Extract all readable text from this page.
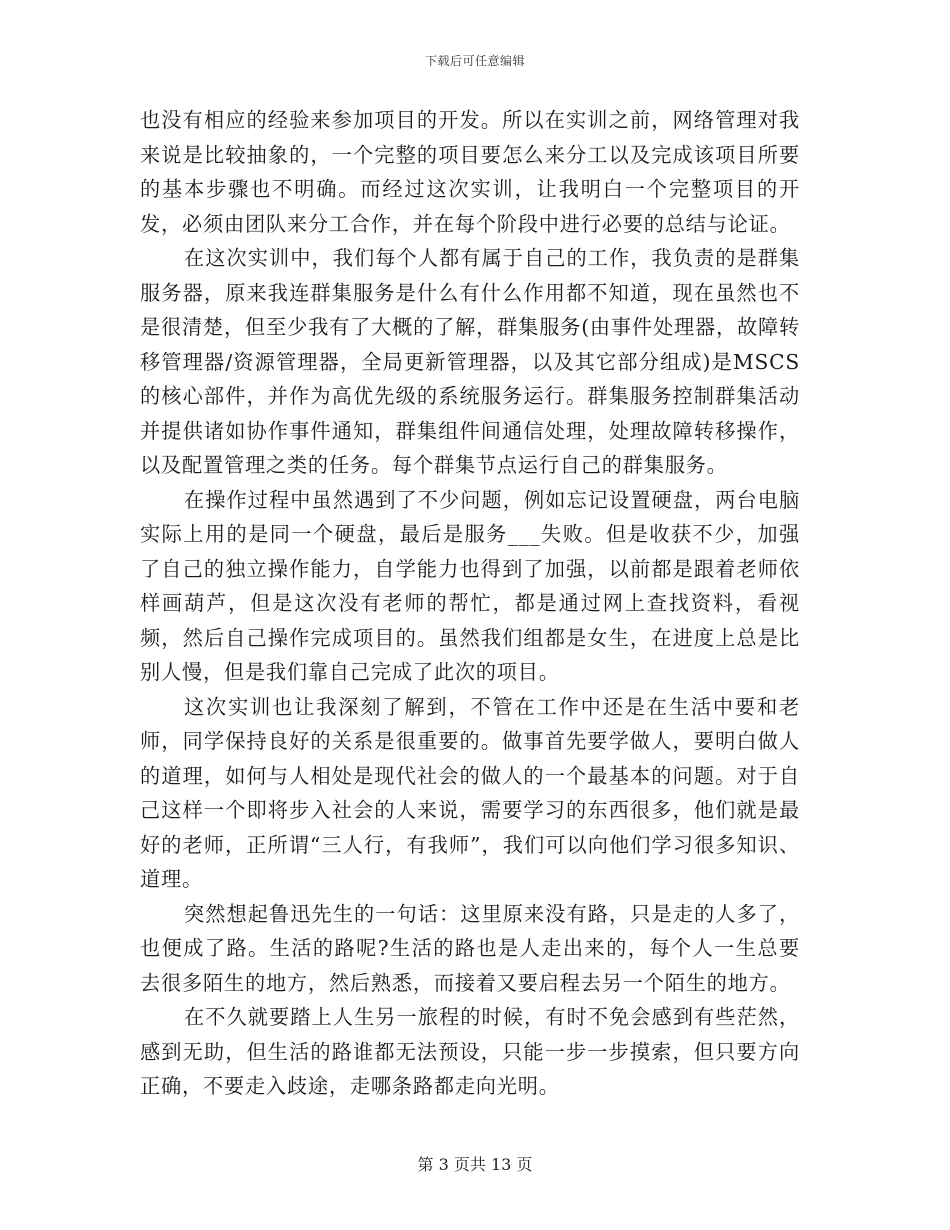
下载后可任意编辑

也没有相应的经验来参加项目的开发。所以在实训之前，网络管理对我来说是比较抽象的，一个完整的项目要怎么来分工以及完成该项目所要的基本步骤也不明确。而经过这次实训，让我明白一个完整项目的开发，必须由团队来分工合作，并在每个阶段中进行必要的总结与论证。

在这次实训中，我们每个人都有属于自己的工作，我负责的是群集服务器，原来我连群集服务是什么有什么作用都不知道，现在虽然也不是很清楚，但至少我有了大概的了解，群集服务(由事件处理器，故障转移管理器/资源管理器，全局更新管理器，以及其它部分组成)是MSCS的核心部件，并作为高优先级的系统服务运行。群集服务控制群集活动并提供诸如协作事件通知，群集组件间通信处理，处理故障转移操作，以及配置管理之类的任务。每个群集节点运行自己的群集服务。

在操作过程中虽然遇到了不少问题，例如忘记设置硬盘，两台电脑实际上用的是同一个硬盘，最后是服务___失败。但是收获不少，加强了自己的独立操作能力，自学能力也得到了加强，以前都是跟着老师依样画葫芦，但是这次没有老师的帮忙，都是通过网上查找资料，看视频，然后自己操作完成项目的。虽然我们组都是女生，在进度上总是比别人慢，但是我们靠自己完成了此次的项目。

这次实训也让我深刻了解到，不管在工作中还是在生活中要和老师，同学保持良好的关系是很重要的。做事首先要学做人，要明白做人的道理，如何与人相处是现代社会的做人的一个最基本的问题。对于自己这样一个即将步入社会的人来说，需要学习的东西很多，他们就是最好的老师，正所谓“三人行，有我师”，我们可以向他们学习很多知识、道理。

突然想起鲁迅先生的一句话：这里原来没有路，只是走的人多了，也便成了路。生活的路呢?生活的路也是人走出来的，每个人一生总要去很多陌生的地方，然后熟悉，而接着又要启程去另一个陌生的地方。

在不久就要踏上人生另一旅程的时候，有时不免会感到有些茫然，感到无助，但生活的路谁都无法预设，只能一步一步摸索，但只要方向正确，不要走入歧途，走哪条路都走向光明。

第 3 页共 13 页
